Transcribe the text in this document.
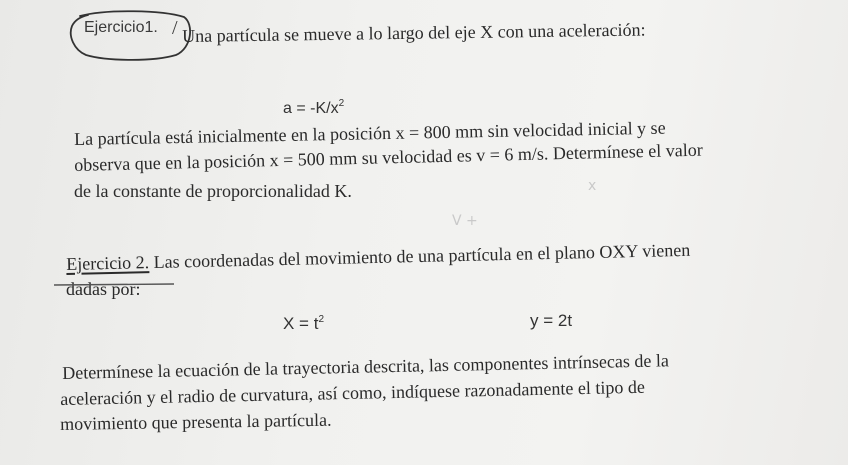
Ejercicio1. / Una partícula se mueve a lo largo del eje X con una aceleración:
$a = -K/x^2$
La partícula está inicialmente en la posición x = 800 mm sin velocidad inicial y se
observa que en la posición x = 500 mm su velocidad es v = 6 m/s. Determínese el valor
de la constante de proporcionalidad K.
V +
x
Ejercicio 2. Las coordenadas del movimiento de una partícula en el plano OXY vienen
dadas por:
$X = t^2$	y = 2t
Determínese la ecuación de la trayectoria descrita, las componentes intrínsecas de la
aceleración y el radio de curvatura, así como, indíquese razonadamente el tipo de
movimiento que presenta la partícula.
